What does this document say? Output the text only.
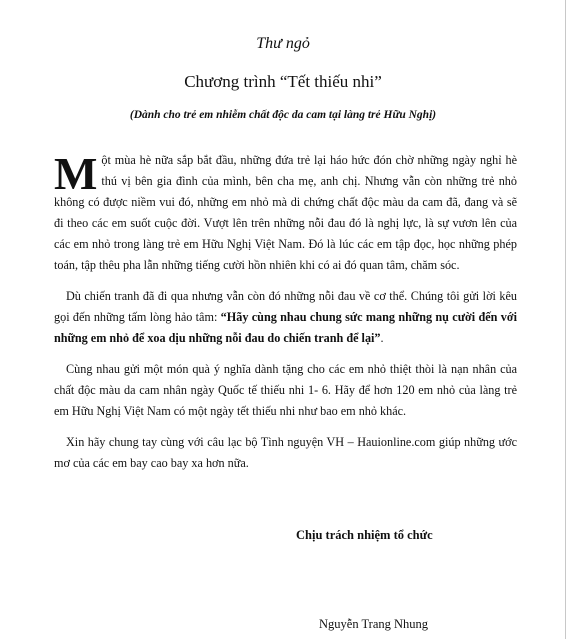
Thư ngỏ
Chương trình “Tết thiếu nhi”
(Dành cho trẻ em nhiễm chất độc da cam tại làng trẻ Hữu Nghị)

Một mùa hè nữa sắp bắt đầu, những đứa trẻ lại háo hức đón chờ những ngày nghỉ hè thú vị bên gia đình của mình, bên cha mẹ, anh chị. Nhưng vẫn còn những trẻ nhỏ không có được niềm vui đó, những em nhỏ mà di chứng chất độc màu da cam đã, đang và sẽ đi theo các em suốt cuộc đời. Vượt lên trên những nỗi đau đó là nghị lực, là sự vươn lên của các em nhỏ trong làng trẻ em Hữu Nghị Việt Nam. Đó là lúc các em tập đọc, học những phép toán, tập thêu pha lẫn những tiếng cười hồn nhiên khi có ai đó quan tâm, chăm sóc.

Dù chiến tranh đã đi qua nhưng vẫn còn đó những nỗi đau về cơ thể. Chúng tôi gửi lời kêu gọi đến những tấm lòng hảo tâm: “Hãy cùng nhau chung sức mang những nụ cười đến với những em nhỏ để xoa dịu những nỗi đau do chiến tranh để lại”.

Cùng nhau gửi một món quà ý nghĩa dành tặng cho các em nhỏ thiệt thòi là nạn nhân của chất độc màu da cam nhân ngày Quốc tế thiếu nhi 1- 6. Hãy để hơn 120 em nhỏ của làng trẻ em Hữu Nghị Việt Nam có một ngày tết thiếu nhi như bao em nhỏ khác.

Xin hãy chung tay cùng với câu lạc bộ Tình nguyện VH – Hauionline.com giúp những ước mơ của các em bay cao bay xa hơn nữa.

Chịu trách nhiệm tổ chức
Nguyễn Trang Nhung
